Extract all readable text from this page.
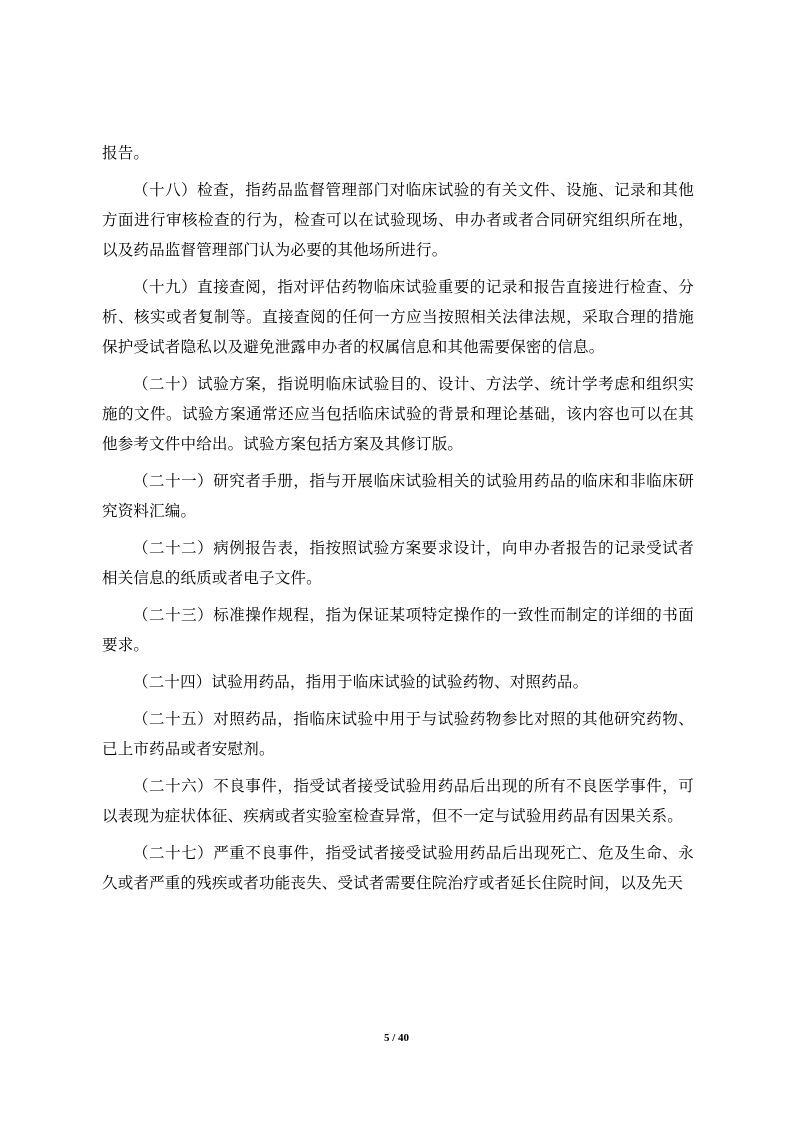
报告。

（十八）检查，指药品监督管理部门对临床试验的有关文件、设施、记录和其他方面进行审核检查的行为，检查可以在试验现场、申办者或者合同研究组织所在地，以及药品监督管理部门认为必要的其他场所进行。

（十九）直接查阅，指对评估药物临床试验重要的记录和报告直接进行检查、分析、核实或者复制等。直接查阅的任何一方应当按照相关法律法规，采取合理的措施保护受试者隐私以及避免泄露申办者的权属信息和其他需要保密的信息。

（二十）试验方案，指说明临床试验目的、设计、方法学、统计学考虑和组织实施的文件。试验方案通常还应当包括临床试验的背景和理论基础，该内容也可以在其他参考文件中给出。试验方案包括方案及其修订版。

（二十一）研究者手册，指与开展临床试验相关的试验用药品的临床和非临床研究资料汇编。

（二十二）病例报告表，指按照试验方案要求设计，向申办者报告的记录受试者相关信息的纸质或者电子文件。

（二十三）标准操作规程，指为保证某项特定操作的一致性而制定的详细的书面要求。

（二十四）试验用药品，指用于临床试验的试验药物、对照药品。

（二十五）对照药品，指临床试验中用于与试验药物参比对照的其他研究药物、已上市药品或者安慰剂。

（二十六）不良事件，指受试者接受试验用药品后出现的所有不良医学事件，可以表现为症状体征、疾病或者实验室检查异常，但不一定与试验用药品有因果关系。

（二十七）严重不良事件，指受试者接受试验用药品后出现死亡、危及生命、永久或者严重的残疾或者功能丧失、受试者需要住院治疗或者延长住院时间，以及先天

5 / 40
